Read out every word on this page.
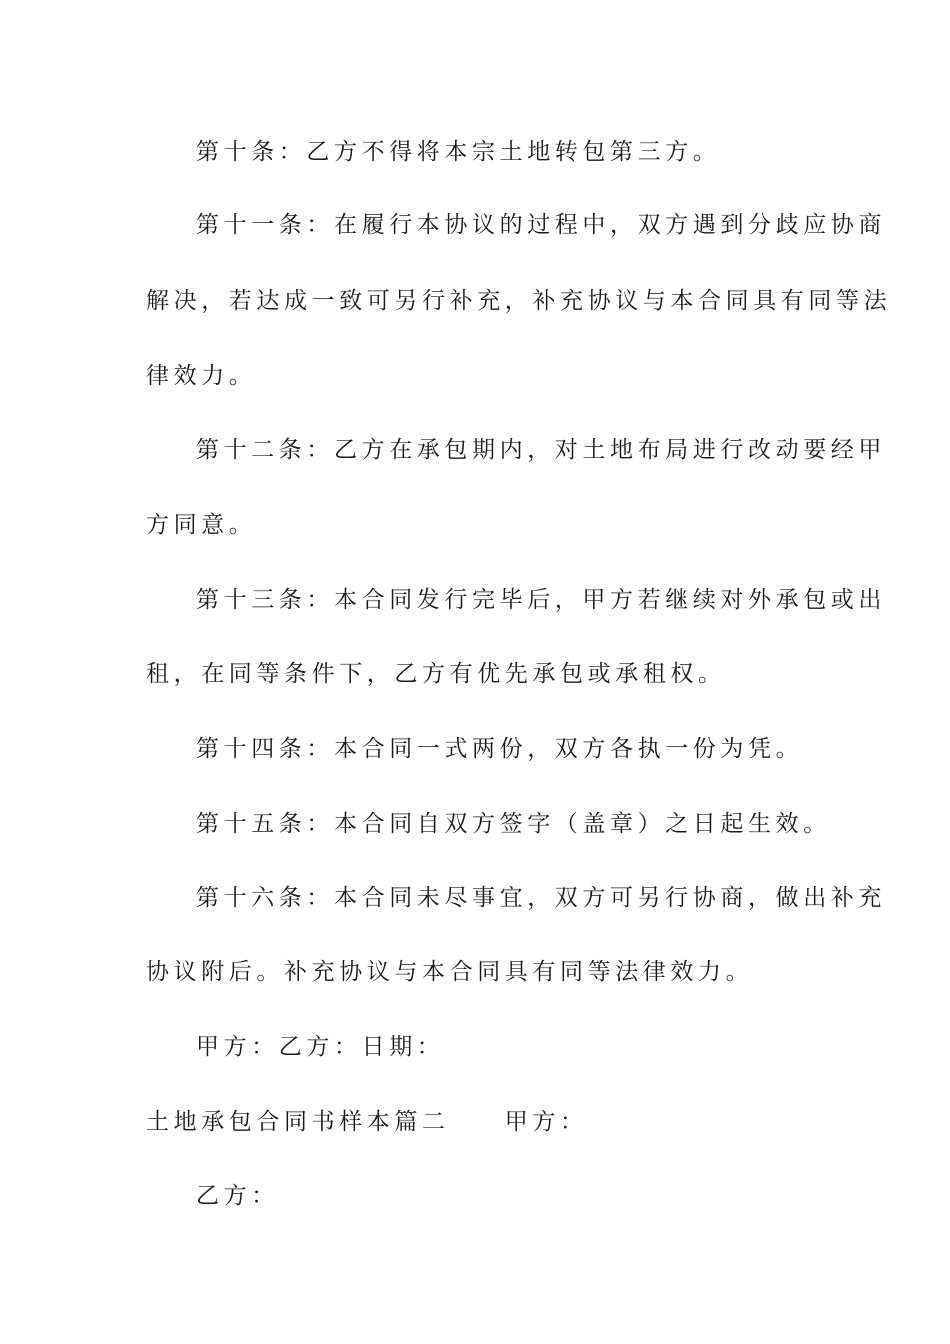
第十条：乙方不得将本宗土地转包第三方。
第十一条：在履行本协议的过程中，双方遇到分歧应协商
解决，若达成一致可另行补充，补充协议与本合同具有同等法
律效力。
第十二条：乙方在承包期内，对土地布局进行改动要经甲
方同意。
第十三条：本合同发行完毕后，甲方若继续对外承包或出
租，在同等条件下，乙方有优先承包或承租权。
第十四条：本合同一式两份，双方各执一份为凭。
第十五条：本合同自双方签字（盖章）之日起生效。
第十六条：本合同未尽事宜，双方可另行协商，做出补充
协议附后。补充协议与本合同具有同等法律效力。
甲方：乙方：日期：
土地承包合同书样本篇二　　甲方：
乙方：
